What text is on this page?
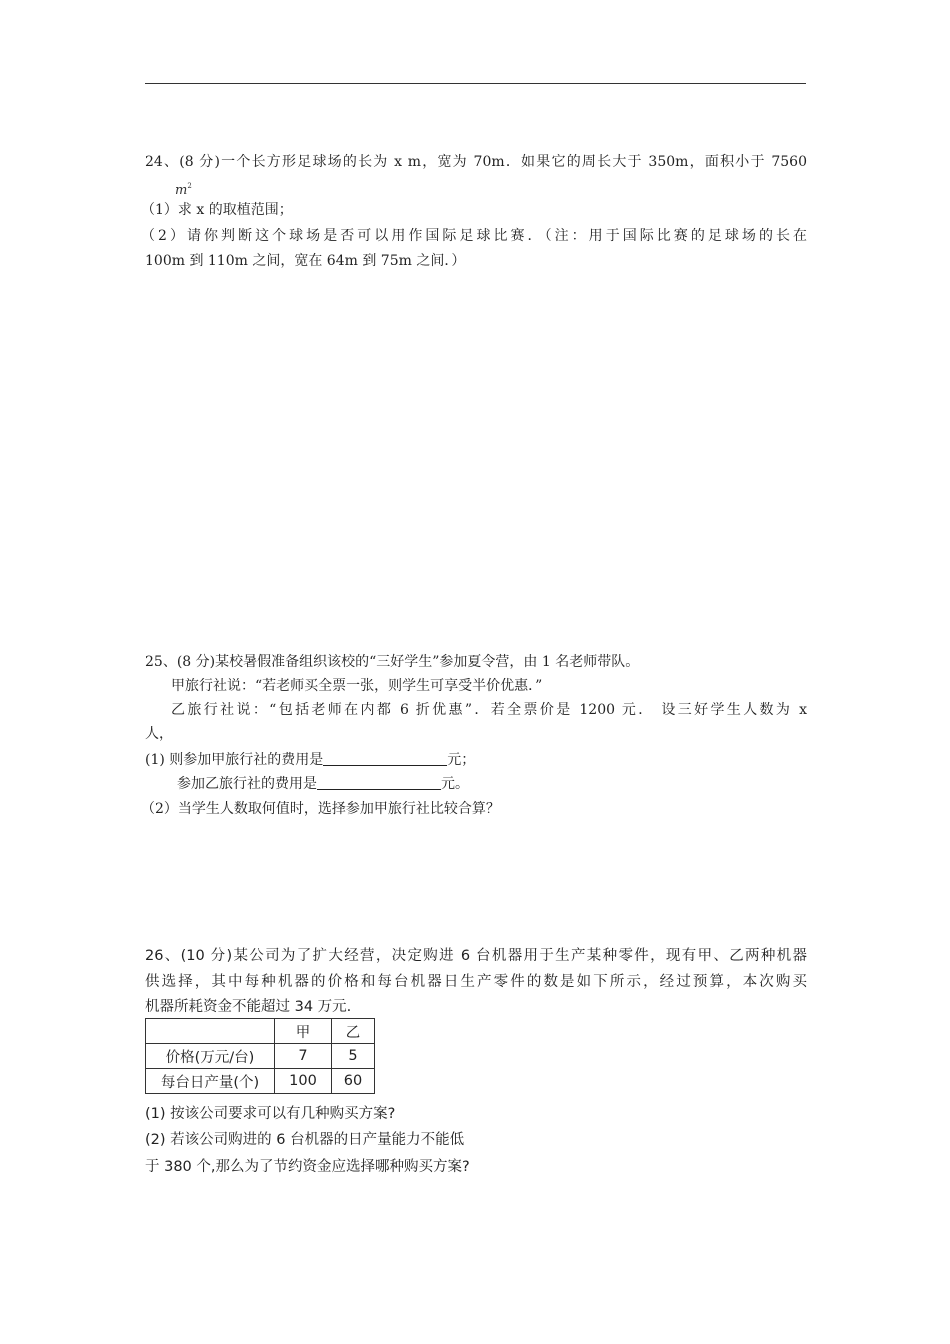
24、(8 分)一个长方形足球场的长为 x m，宽为 70m．如果它的周长大于 350m，面积小于 7560
$m^2$
（1）求 x 的取植范围；
（2）请你判断这个球场是否可以用作国际足球比赛．（注：用于国际比赛的足球场的长在
100m 到 110m 之间，宽在 64m 到 75m 之间．）
25、(8 分)某校暑假准备组织该校的“三好学生”参加夏令营，由 1 名老师带队。
甲旅行社说：“若老师买全票一张，则学生可享受半价优惠．”
乙旅行社说：“包括老师在内都 6 折优惠”．若全票价是 1200 元． 设三好学生人数为 x
人，
(1) 则参加甲旅行社的费用是	元；
参加乙旅行社的费用是	元。
（2）当学生人数取何值时，选择参加甲旅行社比较合算？
26、(10 分)某公司为了扩大经营，决定购进 6 台机器用于生产某种零件，现有甲、乙两种机器
供选择，其中每种机器的价格和每台机器日生产零件的数是如下所示，经过预算，本次购买
机器所耗资金不能超过 34 万元.
	甲	乙
价格(万元/台)	7	5
每台日产量(个)	100	60
(1) 按该公司要求可以有几种购买方案?
(2) 若该公司购进的 6 台机器的日产量能力不能低
于 380 个,那么为了节约资金应选择哪种购买方案?
